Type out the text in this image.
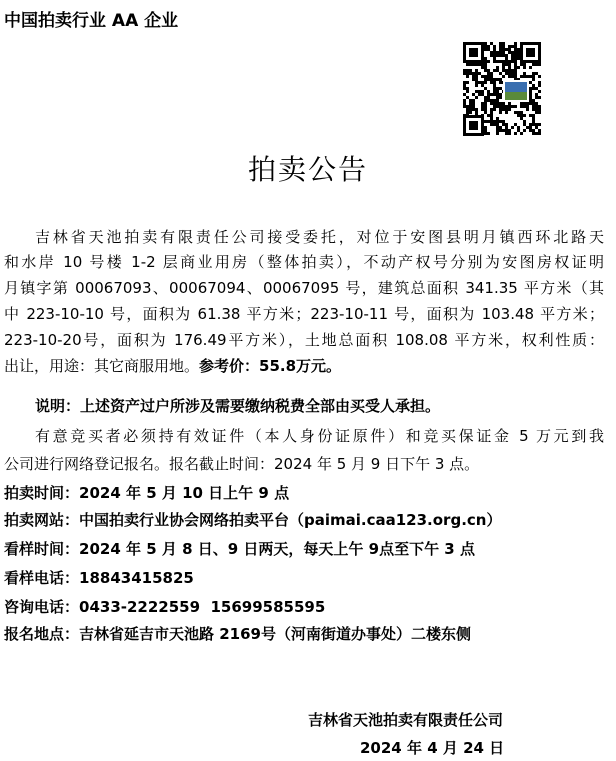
中国拍卖行业 AA 企业
拍卖公告
吉林省天池拍卖有限责任公司接受委托，对位于安图县明月镇西环北路天
和水岸 10 号楼 1-2 层商业用房（整体拍卖），不动产权号分别为安图房权证明
月镇字第 00067093、00067094、00067095 号，建筑总面积 341.35 平方米（其
中 223-10-10 号，面积为 61.38 平方米；223-10-11 号，面积为 103.48 平方米；
223-10-20号，面积为 176.49平方米），土地总面积 108.08 平方米，权利性质：
出让，用途：其它商服用地。参考价：55.8万元。
说明：上述资产过户所涉及需要缴纳税费全部由买受人承担。
有意竞买者必须持有效证件（本人身份证原件）和竞买保证金 5 万元到我
公司进行网络登记报名。报名截止时间：2024 年 5 月 9 日下午 3 点。
拍卖时间：2024 年 5 月 10 日上午 9 点
拍卖网站：中国拍卖行业协会网络拍卖平台（paimai.caa123.org.cn）
看样时间：2024 年 5 月 8 日、9 日两天，每天上午 9点至下午 3 点
看样电话：18843415825
咨询电话：0433-2222559  15699585595
报名地点：吉林省延吉市天池路 2169号（河南街道办事处）二楼东侧
吉林省天池拍卖有限责任公司
2024 年 4 月 24 日
